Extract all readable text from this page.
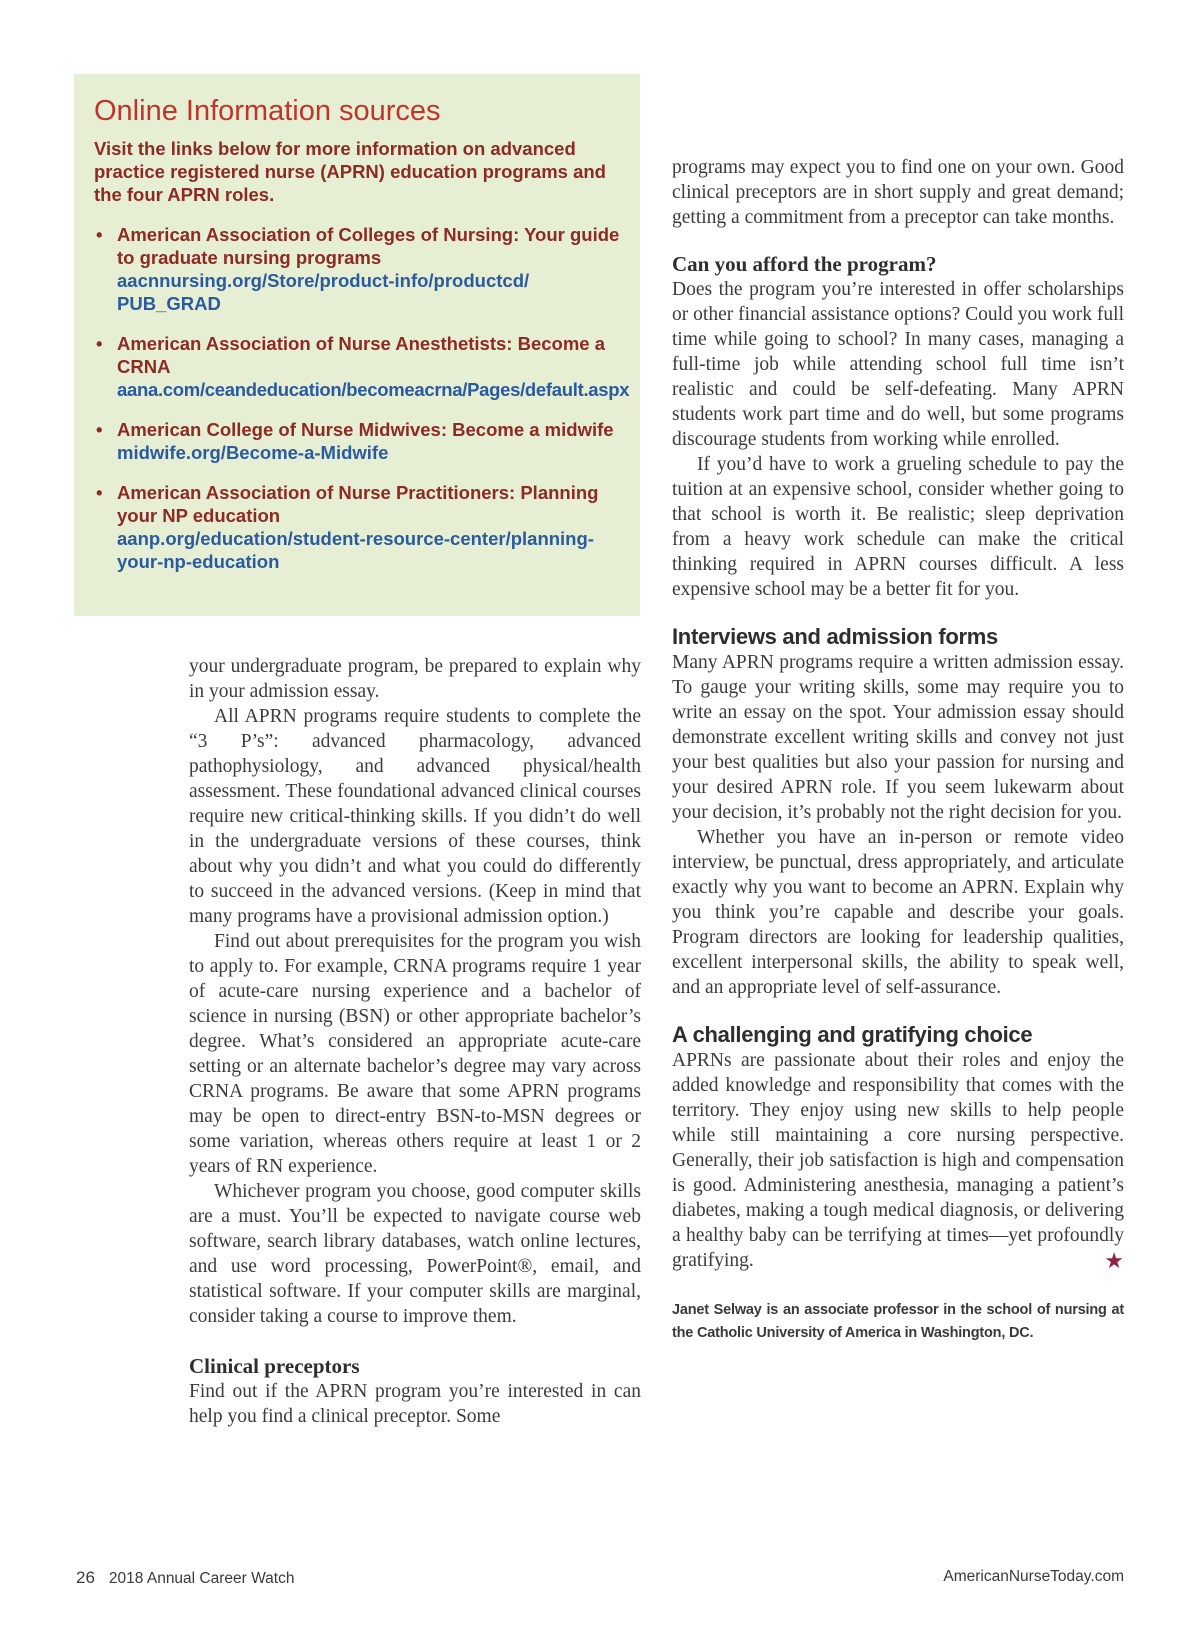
Online Information sources

Visit the links below for more information on advanced practice registered nurse (APRN) education programs and the four APRN roles.

• American Association of Colleges of Nursing: Your guide to graduate nursing programs
aacnnursing.org/Store/product-info/productcd/ PUB_GRAD
• American Association of Nurse Anesthetists: Become a CRNA
aana.com/ceandeducation/becomeacrna/Pages/default.aspx
• American College of Nurse Midwives: Become a midwife
midwife.org/Become-a-Midwife
• American Association of Nurse Practitioners: Planning your NP education
aanp.org/education/student-resource-center/planning-your-np-education

your undergraduate program, be prepared to explain why in your admission essay.

All APRN programs require students to complete the “3 P’s”: advanced pharmacology, advanced pathophysiology, and advanced physical/health assessment. These foundational advanced clinical courses require new critical-thinking skills. If you didn’t do well in the undergraduate versions of these courses, think about why you didn’t and what you could do differently to succeed in the advanced versions. (Keep in mind that many programs have a provisional admission option.)

Find out about prerequisites for the program you wish to apply to. For example, CRNA programs require 1 year of acute-care nursing experience and a bachelor of science in nursing (BSN) or other appropriate bachelor’s degree. What’s considered an appropriate acute-care setting or an alternate bachelor’s degree may vary across CRNA programs. Be aware that some APRN programs may be open to direct-entry BSN-to-MSN degrees or some variation, whereas others require at least 1 or 2 years of RN experience.

Whichever program you choose, good computer skills are a must. You’ll be expected to navigate course web software, search library databases, watch online lectures, and use word processing, PowerPoint®, email, and statistical software. If your computer skills are marginal, consider taking a course to improve them.

Clinical preceptors

Find out if the APRN program you’re interested in can help you find a clinical preceptor. Some

programs may expect you to find one on your own. Good clinical preceptors are in short supply and great demand; getting a commitment from a preceptor can take months.

Can you afford the program?

Does the program you’re interested in offer scholarships or other financial assistance options? Could you work full time while going to school? In many cases, managing a full-time job while attending school full time isn’t realistic and could be self-defeating. Many APRN students work part time and do well, but some programs discourage students from working while enrolled.

If you’d have to work a grueling schedule to pay the tuition at an expensive school, consider whether going to that school is worth it. Be realistic; sleep deprivation from a heavy work schedule can make the critical thinking required in APRN courses difficult. A less expensive school may be a better fit for you.

Interviews and admission forms

Many APRN programs require a written admission essay. To gauge your writing skills, some may require you to write an essay on the spot. Your admission essay should demonstrate excellent writing skills and convey not just your best qualities but also your passion for nursing and your desired APRN role. If you seem lukewarm about your decision, it’s probably not the right decision for you.

Whether you have an in-person or remote video interview, be punctual, dress appropriately, and articulate exactly why you want to become an APRN. Explain why you think you’re capable and describe your goals. Program directors are looking for leadership qualities, excellent interpersonal skills, the ability to speak well, and an appropriate level of self-assurance.

A challenging and gratifying choice

APRNs are passionate about their roles and enjoy the added knowledge and responsibility that comes with the territory. They enjoy using new skills to help people while still maintaining a core nursing perspective. Generally, their job satisfaction is high and compensation is good. Administering anesthesia, managing a patient’s diabetes, making a tough medical diagnosis, or delivering a healthy baby can be terrifying at times—yet profoundly gratifying.	★

Janet Selway is an associate professor in the school of nursing at the Catholic University of America in Washington, DC.

26 2018 Annual Career Watch	AmericanNurseToday.com
